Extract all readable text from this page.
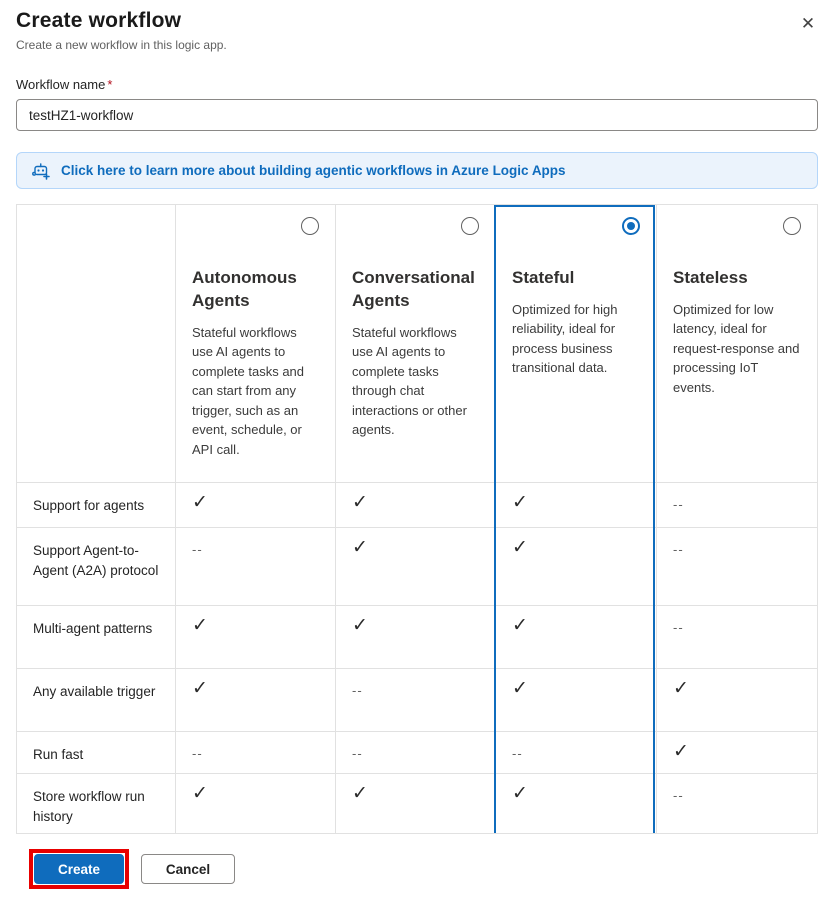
Create workflow
Create a new workflow in this logic app.
✕
Workflow name *
testHZ1-workflow
Click here to learn more about building agentic workflows in Azure Logic Apps
Autonomous Agents
Stateful workflows use AI agents to complete tasks and can start from any trigger, such as an event, schedule, or API call.
Conversational Agents
Stateful workflows use AI agents to complete tasks through chat interactions or other agents.
Stateful
Optimized for high reliability, ideal for process business transitional data.
Stateless
Optimized for low latency, ideal for request-response and processing IoT events.
Support for agents	✓	✓	✓	--
Support Agent-to-Agent (A2A) protocol
--	✓	✓	--
Multi-agent patterns	✓	✓	✓	--
Any available trigger	✓	--	✓	✓
Run fast	--	--	--	✓
Store workflow run history
✓	✓	✓	--
Create	Cancel
